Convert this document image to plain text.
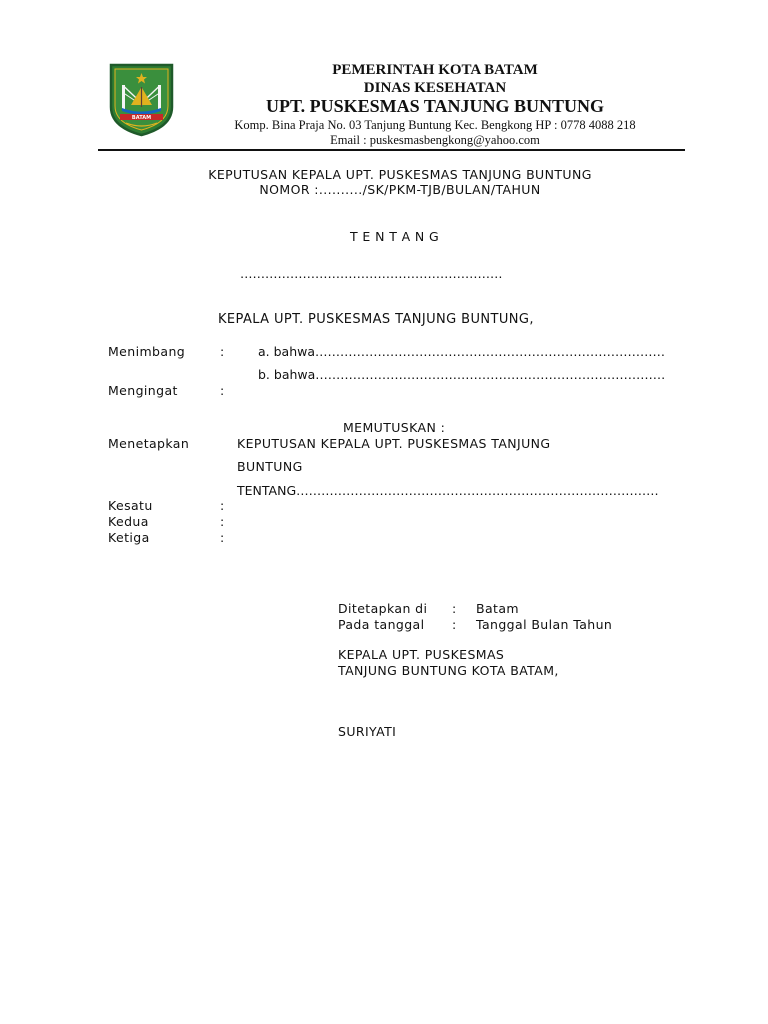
BATAM
PEMERINTAH KOTA BATAM
DINAS KESEHATAN
UPT. PUSKESMAS TANJUNG BUNTUNG
Komp. Bina Praja No. 03 Tanjung Buntung Kec. Bengkong HP : 0778 4088 218
Email : puskesmasbengkong@yahoo.com
KEPUTUSAN KEPALA UPT. PUSKESMAS TANJUNG BUNTUNG
NOMOR :........../SK/PKM-TJB/BULAN/TAHUN
T E N T A N G
………………………………………………………
KEPALA UPT. PUSKESMAS TANJUNG BUNTUNG,
Menimbang	:	a. bahwa…………………………………………………………………………
b. bahwa…………………………………………………………………………
Mengingat	:
MEMUTUSKAN :
Menetapkan	KEPUTUSAN KEPALA UPT. PUSKESMAS TANJUNG
BUNTUNG
TENTANG……………………………………………………………………………
Kesatu	:
Kedua	:
Ketiga	:
Ditetapkan di : Batam
Pada tanggal : Tanggal Bulan Tahun
KEPALA UPT. PUSKESMAS
TANJUNG BUNTUNG KOTA BATAM,
SURIYATI
